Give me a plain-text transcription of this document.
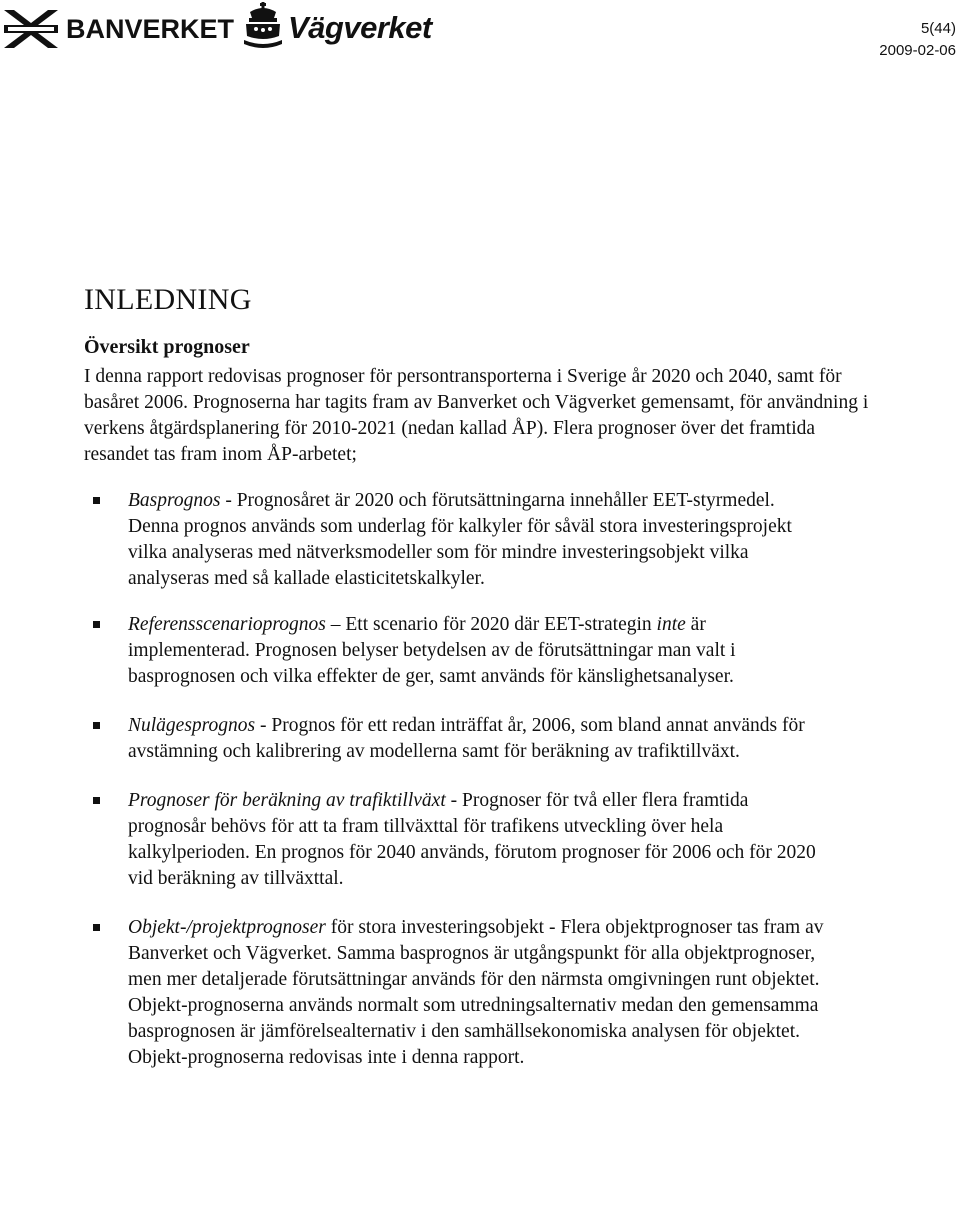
BANVERKET Vägverket	5(44)
2009-02-06
INLEDNING
Översikt prognoser

I denna rapport redovisas prognoser för persontransporterna i Sverige år 2020 och 2040, samt för basåret 2006. Prognoserna har tagits fram av Banverket och Vägverket gemensamt, för användning i verkens åtgärdsplanering för 2010-2021 (nedan kallad ÅP). Flera prognoser över det framtida resandet tas fram inom ÅP-arbetet;

Basprognos - Prognosåret är 2020 och förutsättningarna innehåller EET-styrmedel. Denna prognos används som underlag för kalkyler för såväl stora investeringsprojekt vilka analyseras med nätverksmodeller som för mindre investeringsobjekt vilka analyseras med så kallade elasticitetskalkyler.
Referensscenarioprognos – Ett scenario för 2020 där EET-strategin inte är implementerad. Prognosen belyser betydelsen av de förutsättningar man valt i basprognosen och vilka effekter de ger, samt används för känslighetsanalyser.
Nulägesprognos - Prognos för ett redan inträffat år, 2006, som bland annat används för avstämning och kalibrering av modellerna samt för beräkning av trafiktillväxt.
Prognoser för beräkning av trafiktillväxt - Prognoser för två eller flera framtida prognosår behövs för att ta fram tillväxttal för trafikens utveckling över hela kalkylperioden. En prognos för 2040 används, förutom prognoser för 2006 och för 2020 vid beräkning av tillväxttal.
Objekt-/projektprognoser för stora investeringsobjekt - Flera objektprognoser tas fram av Banverket och Vägverket. Samma basprognos är utgångspunkt för alla objektprognoser, men mer detaljerade förutsättningar används för den närmsta omgivningen runt objektet. Objekt-prognoserna används normalt som utredningsalternativ medan den gemensamma basprognosen är jämförelsealternativ i den samhällsekonomiska analysen för objektet. Objekt-prognoserna redovisas inte i denna rapport.
